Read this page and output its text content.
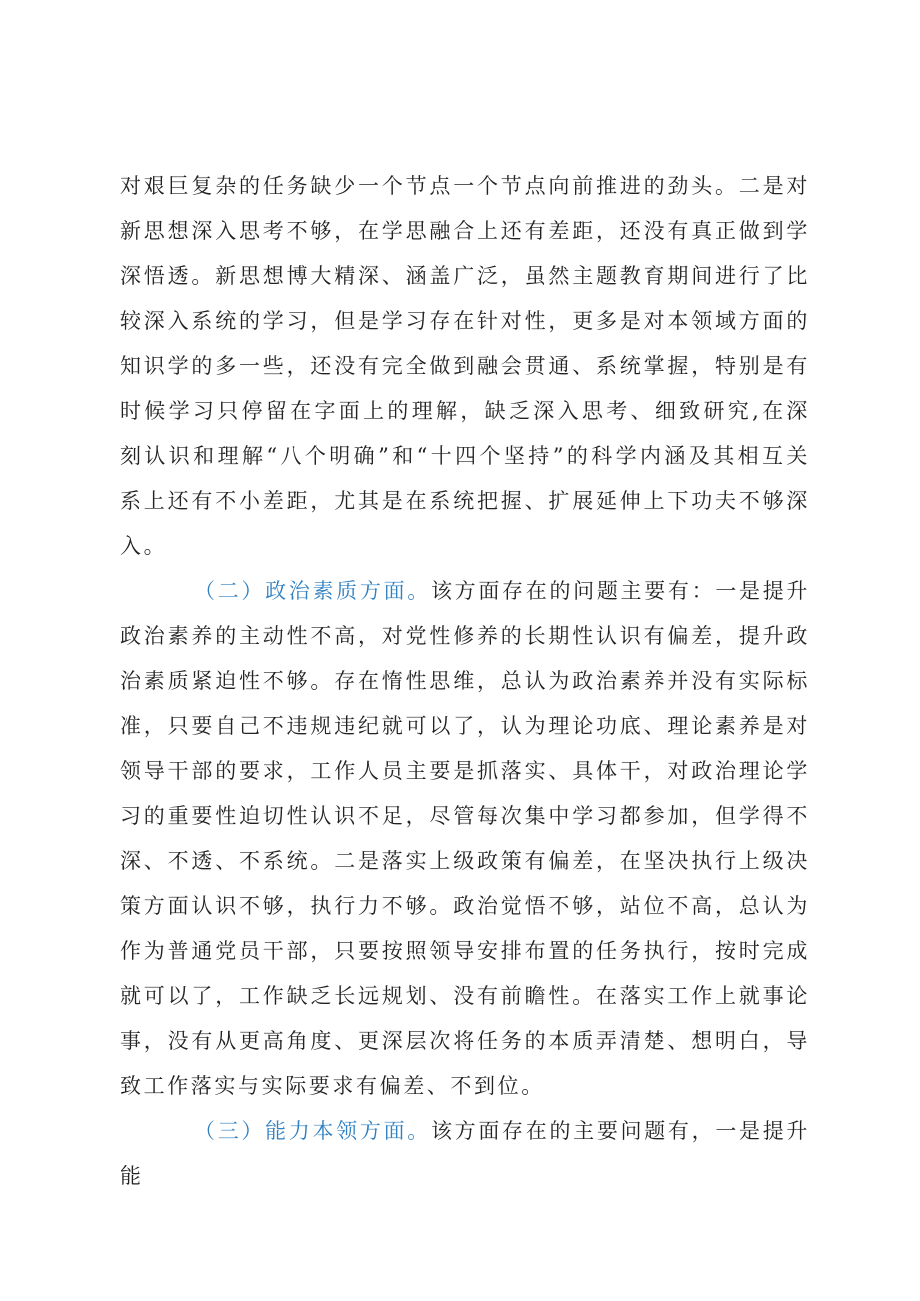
对艰巨复杂的任务缺少一个节点一个节点向前推进的劲头。二是对新思想深入思考不够，在学思融合上还有差距，还没有真正做到学深悟透。新思想博大精深、涵盖广泛，虽然主题教育期间进行了比较深入系统的学习，但是学习存在针对性，更多是对本领域方面的知识学的多一些，还没有完全做到融会贯通、系统掌握，特别是有时候学习只停留在字面上的理解，缺乏深入思考、细致研究,在深刻认识和理解“八个明确”和“十四个坚持”的科学内涵及其相互关系上还有不小差距，尤其是在系统把握、扩展延伸上下功夫不够深入。

（二）政治素质方面。该方面存在的问题主要有：一是提升政治素养的主动性不高，对党性修养的长期性认识有偏差，提升政治素质紧迫性不够。存在惰性思维，总认为政治素养并没有实际标准，只要自己不违规违纪就可以了，认为理论功底、理论素养是对领导干部的要求，工作人员主要是抓落实、具体干，对政治理论学习的重要性迫切性认识不足，尽管每次集中学习都参加，但学得不深、不透、不系统。二是落实上级政策有偏差，在坚决执行上级决策方面认识不够，执行力不够。政治觉悟不够，站位不高，总认为作为普通党员干部，只要按照领导安排布置的任务执行，按时完成就可以了，工作缺乏长远规划、没有前瞻性。在落实工作上就事论事，没有从更高角度、更深层次将任务的本质弄清楚、想明白，导致工作落实与实际要求有偏差、不到位。

（三）能力本领方面。该方面存在的主要问题有，一是提升能
